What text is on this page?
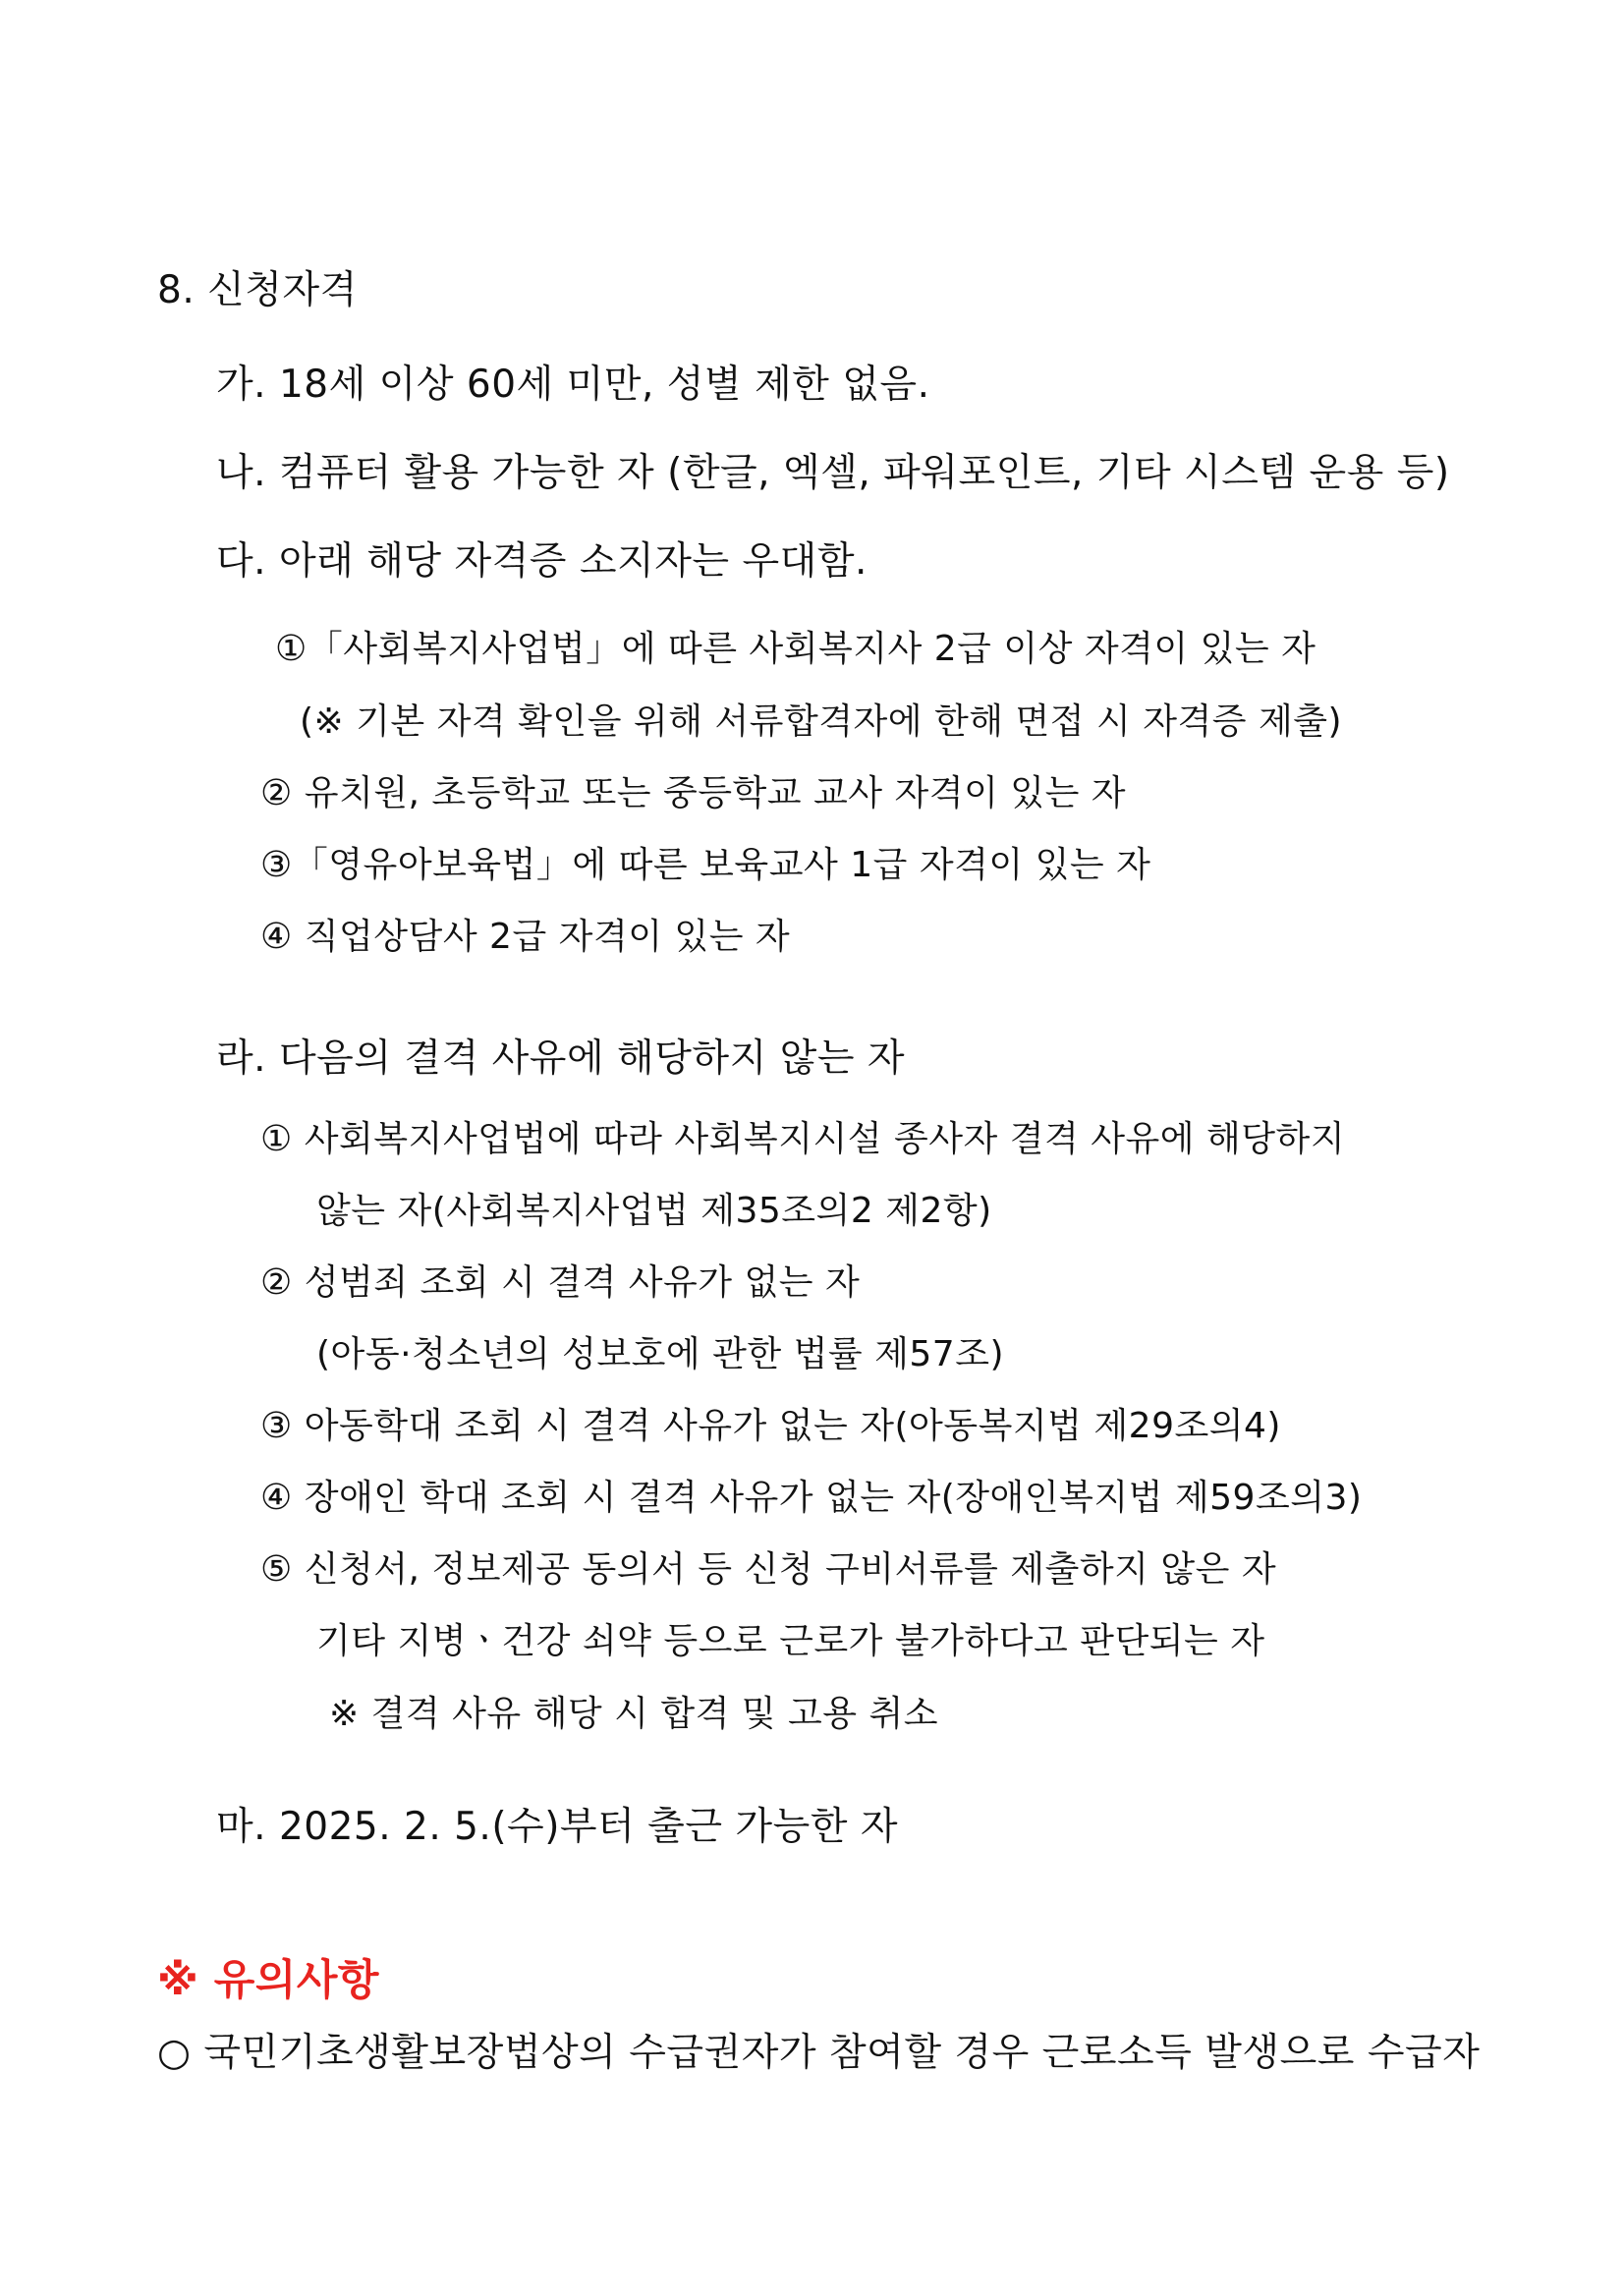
8. 신청자격
가. 18세 이상 60세 미만, 성별 제한 없음.
나. 컴퓨터 활용 가능한 자 (한글, 엑셀, 파워포인트, 기타 시스템 운용 등)
다. 아래 해당 자격증 소지자는 우대함.
①「사회복지사업법」에 따른 사회복지사 2급 이상 자격이 있는 자
(※ 기본 자격 확인을 위해 서류합격자에 한해 면접 시 자격증 제출)
② 유치원, 초등학교 또는 중등학교 교사 자격이 있는 자
③「영유아보육법」에 따른 보육교사 1급 자격이 있는 자
④ 직업상담사 2급 자격이 있는 자
라. 다음의 결격 사유에 해당하지 않는 자
① 사회복지사업법에 따라 사회복지시설 종사자 결격 사유에 해당하지
않는 자(사회복지사업법 제35조의2 제2항)
② 성범죄 조회 시 결격 사유가 없는 자
(아동·청소년의 성보호에 관한 법률 제57조)
③ 아동학대 조회 시 결격 사유가 없는 자(아동복지법 제29조의4)
④ 장애인 학대 조회 시 결격 사유가 없는 자(장애인복지법 제59조의3)
⑤ 신청서, 정보제공 동의서 등 신청 구비서류를 제출하지 않은 자
기타 지병ㆍ건강 쇠약 등으로 근로가 불가하다고 판단되는 자
※ 결격 사유 해당 시 합격 및 고용 취소
마. 2025. 2. 5.(수)부터 출근 가능한 자
※ 유의사항
○ 국민기초생활보장법상의 수급권자가 참여할 경우 근로소득 발생으로 수급자
